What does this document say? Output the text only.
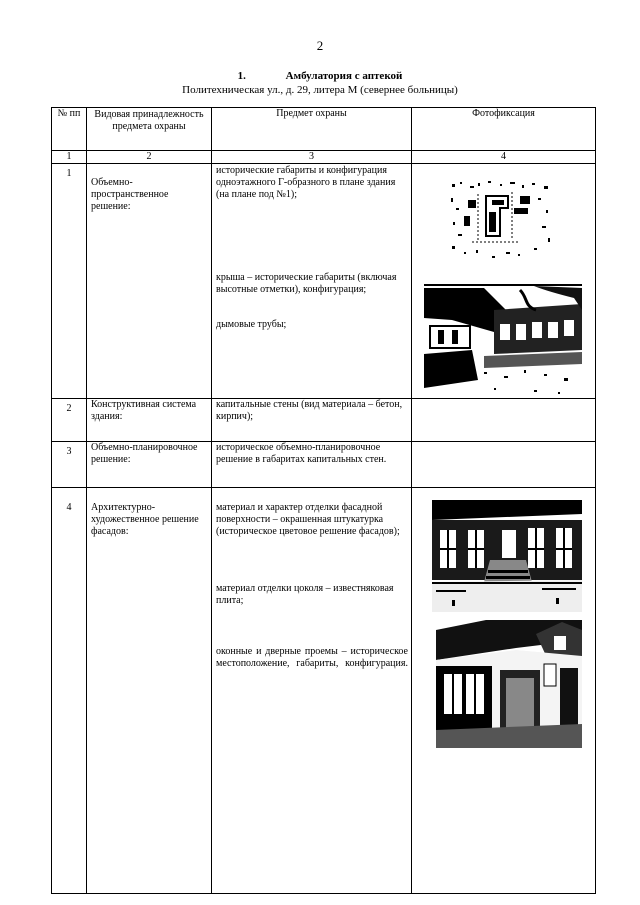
2
1.	Амбулатория с аптекой
Политехническая ул., д. 29, литера М (севернее больницы)
№ пп	Видовая принадлежность предмета охраны	Предмет охраны	Фотофиксация
1	2	3	4
1	Объемно-пространственное решение:	исторические габариты и конфигурация одноэтажного Г-образного в плане здания (на плане под №1);
крыша – исторические габариты (включая высотные отметки), конфигурация;
дымовые трубы;

2	Конструктивная система здания:	капитальные стены (вид материала – бетон, кирпич);	

3	Объемно-планировочное решение:	историческое объемно-планировочное решение в габаритах капитальных стен.	

4	Архитектурно-художественное решение фасадов:	материал и характер отделки фасадной поверхности – окрашенная штукатурка (историческое цветовое решение фасадов);
материал отделки цоколя – известняковая плита;
оконные и дверные проемы – историческое местоположение, габариты, конфигурация.
